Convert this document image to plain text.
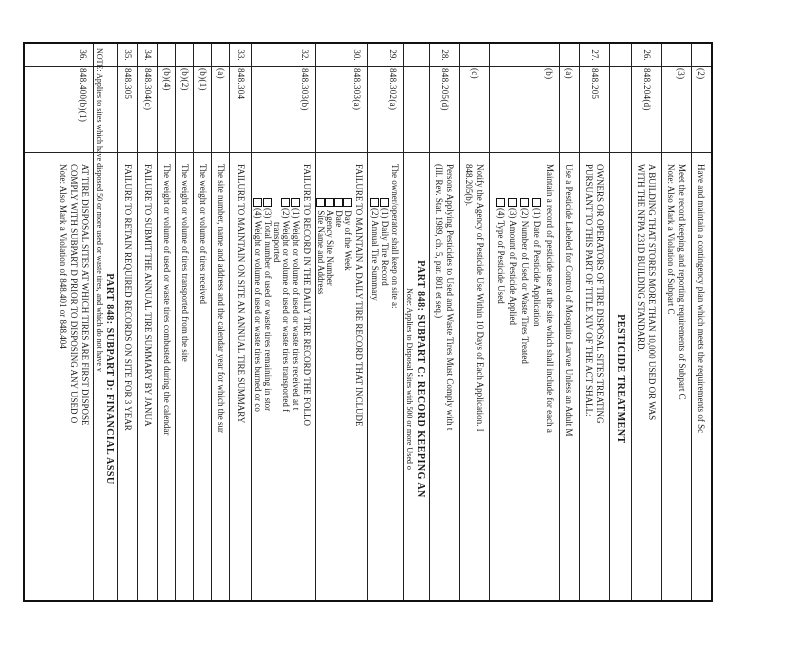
(2)
Have and maintain a contingency plan which meets the requirements of Sc
(3)
Meet the record keeping and reporting requirements of Subpart C
Note: Also Mark a Violation of Subpart C
26.
848.204(d)
A BUILDING THAT STORES MORE THAN 10,000 USED OR WAS
WITH THE NFPA 231D BUILDING STANDARD.
PESTICIDE TREATMENT
27.
848.205
OWNERS OR OPERATORS OF TIRE DISPOSAL SITES TREATING
PURSUANT TO THIS PART OF TITLE XIV OF THE ACT SHALL:
(a)
Use a Pesticide Labeled for Control of Mosquito Larvae Unless an Adult M
(b)
Maintain a record of pesticide use at the site which shall include for each a
(1) Date of Pesticide Application
(2) Number of Used or Waste Tires Treated
(3) Amount of Pesticide Applied
(4) Type of Pesticide Used
(c)
Notify the Agency of Pesticide Use Within 10 Days of Each Application. I
848.205(b).
28.
848.205(d)
Persons Applying Pesticides to Used and Waste Tires Must Comply with t
(Ill. Rev. Stat. 1989, ch. 5, par. 801 et seq.)
PART 848: SUBPART C: RECORD KEEPING AN
Note: Applies to Disposal Sites with 500 or more Used o
29.
848.302(a)
The owner/operator shall keep on site a:
(1) Daily Tire Record
(2) Annual Tire Summary
30.
848.303(a)
FAILURE TO MAINTAIN A DAILY TIRE RECORD THAT INCLUDE
Day of the Week
Date
Agency Site Number
Site Name and Address
32.
848.303(b)
FAILURE TO RECORD IN THE DAILY TIRE RECORD THE FOLLO
(1) Weight or volume of used or waste tires received at t
(2) Weight or volume of used or waste tires transported f
transported
(3) Total number of used or waste tires remaining in stor
(4) Weight or volume of used or waste tires burned or co
33.
848.304
FAILURE TO MAINTAIN ON SITE AN ANNUAL TIRE SUMMARY
(a)
The site number, name and address and the calendar year for which the sur
(b)(1)
The weight or volume of tires received
(b)(2)
The weight or volume of tires transported from the site
(b)(4)
The weight or volume of used or waste tires combusted during the calendar
34.
848.304(c)
FAILURE TO SUBMIT THE ANNUAL TIRE SUMMARY BY JANUA
35.
848.305
FAILURE TO RETAIN REQUIRED RECORDS ON SITE FOR 3 YEAR
PART 848: SUBPART D: FINANCIAL ASSU
NOTE: Applies to sites which have disposed 50 or more used or waste tires, and which do not have v
36.
848.400(b)(1)
AT TIRE DISPOSAL SITES AT WHICH TIRES ARE FIRST DISPOSE
COMPLY WITH SUBPART D PRIOR TO DISPOSING ANY USED O
Note: Also Mark a Violation of 848.401 or 848.404
